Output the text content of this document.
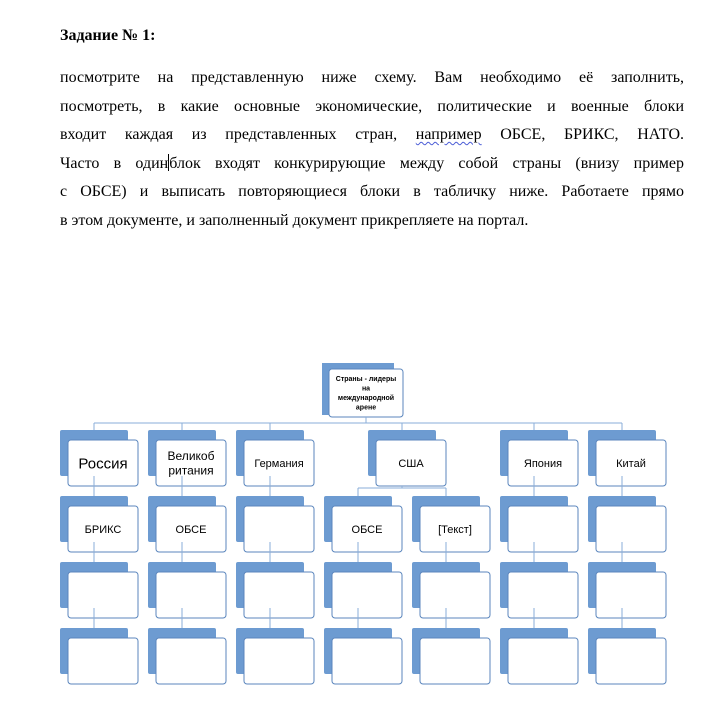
Задание № 1:
посмотрите на представленную ниже схему. Вам необходимо её заполнить,
посмотреть, в какие основные экономические, политические и военные блоки
входит каждая из представленных стран, например ОБСЕ, БРИКС, НАТО.
Часто в одинблок входят конкурирующие между собой страны (внизу пример
с ОБСЕ) и выписать повторяющиеся блоки в табличку ниже. Работаете прямо
в этом документе, и заполненный документ прикрепляете на портал.
Страны - лидеры
на
международной
арене
Россия
БРИКС
Великоб
ритания
ОБСЕ
Германия	США
ОБСЕ	[Текст]
Япония	Китай
